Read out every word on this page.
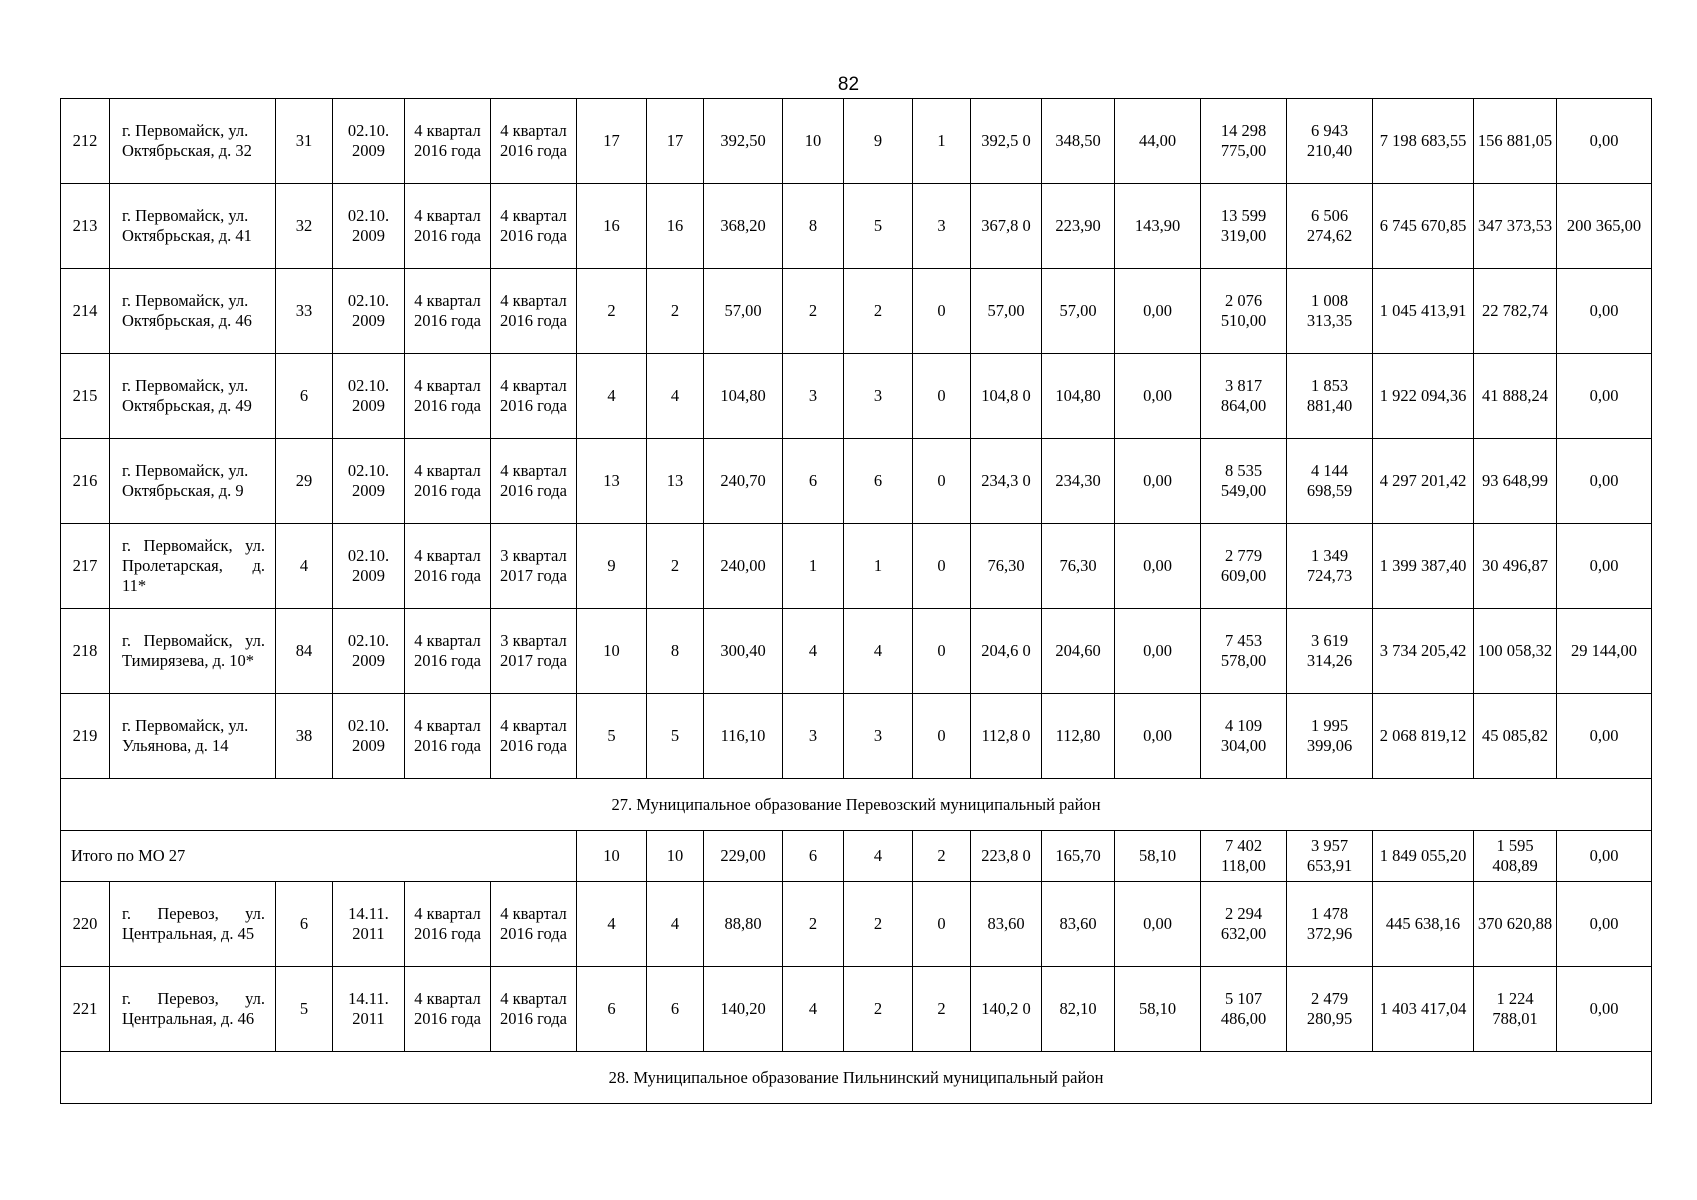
82
212	г. Первомайск, ул. Октябрьская, д. 32	31	02.10. 2009	4 квартал 2016 года	4 квартал 2016 года	17	17	392,50	10	9	1	392,5 0	348,50	44,00	14 298 775,00	6 943 210,40	7 198 683,55	156 881,05	0,00
213	г. Первомайск, ул. Октябрьская, д. 41	32	02.10. 2009	4 квартал 2016 года	4 квартал 2016 года	16	16	368,20	8	5	3	367,8 0	223,90	143,90	13 599 319,00	6 506 274,62	6 745 670,85	347 373,53	200 365,00
214	г. Первомайск, ул. Октябрьская, д. 46	33	02.10. 2009	4 квартал 2016 года	4 квартал 2016 года	2	2	57,00	2	2	0	57,00	57,00	0,00	2 076 510,00	1 008 313,35	1 045 413,91	22 782,74	0,00
215	г. Первомайск, ул. Октябрьская, д. 49	6	02.10. 2009	4 квартал 2016 года	4 квартал 2016 года	4	4	104,80	3	3	0	104,8 0	104,80	0,00	3 817 864,00	1 853 881,40	1 922 094,36	41 888,24	0,00
216	г. Первомайск, ул. Октябрьская, д. 9	29	02.10. 2009	4 квартал 2016 года	4 квартал 2016 года	13	13	240,70	6	6	0	234,3 0	234,30	0,00	8 535 549,00	4 144 698,59	4 297 201,42	93 648,99	0,00
217	г. Первомайск, ул. Пролетарская, д. 11*	4	02.10. 2009	4 квартал 2016 года	3 квартал 2017 года	9	2	240,00	1	1	0	76,30	76,30	0,00	2 779 609,00	1 349 724,73	1 399 387,40	30 496,87	0,00
218	г. Первомайск, ул. Тимирязева, д. 10*	84	02.10. 2009	4 квартал 2016 года	3 квартал 2017 года	10	8	300,40	4	4	0	204,6 0	204,60	0,00	7 453 578,00	3 619 314,26	3 734 205,42	100 058,32	29 144,00
219	г. Первомайск, ул. Ульянова, д. 14	38	02.10. 2009	4 квартал 2016 года	4 квартал 2016 года	5	5	116,10	3	3	0	112,8 0	112,80	0,00	4 109 304,00	1 995 399,06	2 068 819,12	45 085,82	0,00
27. Муниципальное образование Перевозский муниципальный район																			
Итого по МО 27						10	10	229,00	6	4	2	223,8 0	165,70	58,10	7 402 118,00	3 957 653,91	1 849 055,20	1 595 408,89	0,00
220	г. Перевоз, ул. Центральная, д. 45	6	14.11. 2011	4 квартал 2016 года	4 квартал 2016 года	4	4	88,80	2	2	0	83,60	83,60	0,00	2 294 632,00	1 478 372,96	445 638,16	370 620,88	0,00
221	г. Перевоз, ул. Центральная, д. 46	5	14.11. 2011	4 квартал 2016 года	4 квартал 2016 года	6	6	140,20	4	2	2	140,2 0	82,10	58,10	5 107 486,00	2 479 280,95	1 403 417,04	1 224 788,01	0,00
28. Муниципальное образование Пильнинский муниципальный район																			
